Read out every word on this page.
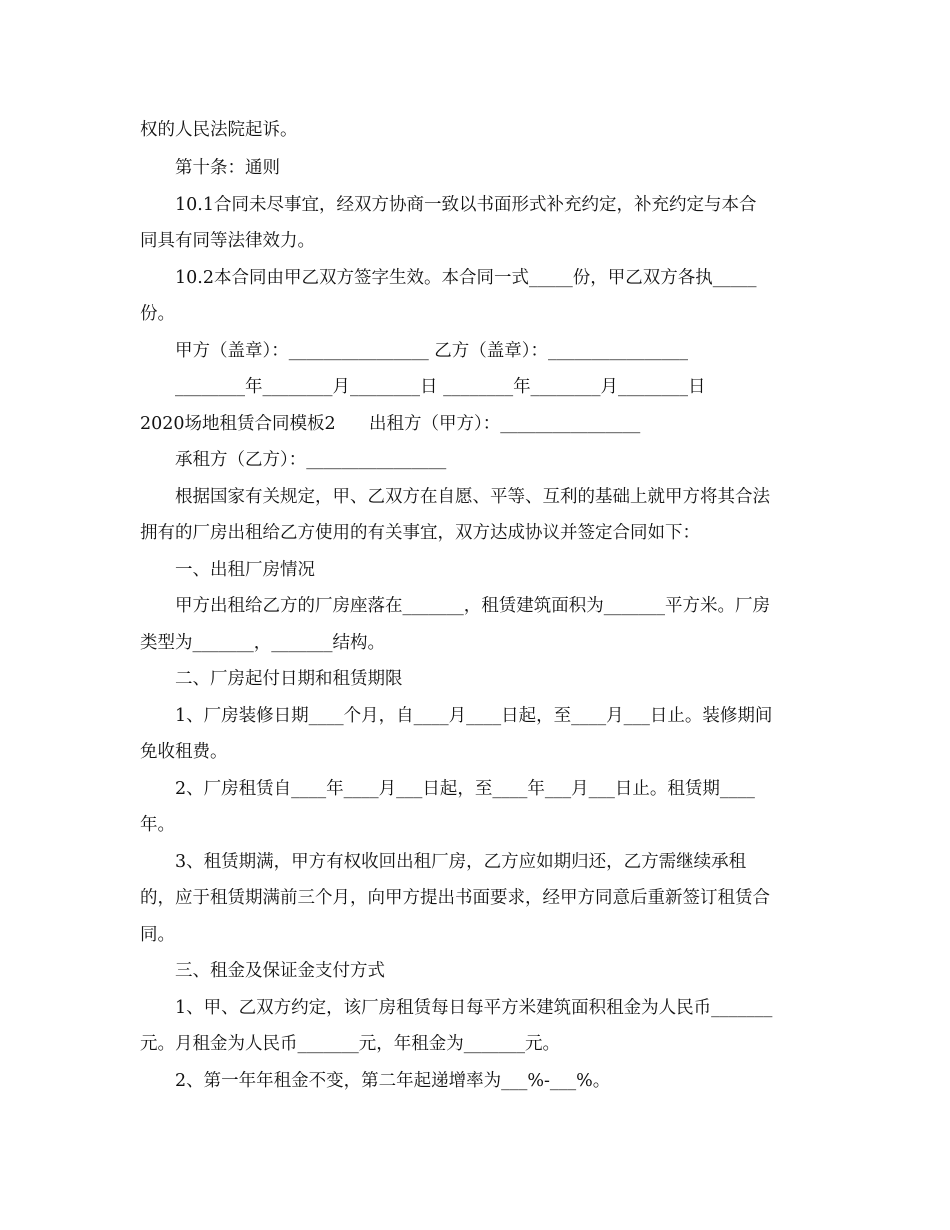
权的人民法院起诉。

第十条：通则

10.1合同未尽事宜，经双方协商一致以书面形式补充约定，补充约定与本合

同具有同等法律效力。

10.2本合同由甲乙双方签字生效。本合同一式_____份，甲乙双方各执_____

份。

甲方（盖章）：________________ 乙方（盖章）：________________

________年________月________日 ________年________月________日

2020场地租赁合同模板2      出租方（甲方）：________________

承租方（乙方）：________________

根据国家有关规定，甲、乙双方在自愿、平等、互利的基础上就甲方将其合法

拥有的厂房出租给乙方使用的有关事宜，双方达成协议并签定合同如下：

一、出租厂房情况

甲方出租给乙方的厂房座落在_______，租赁建筑面积为_______平方米。厂房

类型为_______，_______结构。

二、厂房起付日期和租赁期限

1、厂房装修日期____个月，自____月____日起，至____月___日止。装修期间

免收租费。

2、厂房租赁自____年____月___日起，至____年___月___日止。租赁期____

年。

3、租赁期满，甲方有权收回出租厂房，乙方应如期归还，乙方需继续承租

的，应于租赁期满前三个月，向甲方提出书面要求，经甲方同意后重新签订租赁合

同。

三、租金及保证金支付方式

1、甲、乙双方约定，该厂房租赁每日每平方米建筑面积租金为人民币_______

元。月租金为人民币_______元，年租金为_______元。

2、第一年年租金不变，第二年起递增率为___%-___%。
